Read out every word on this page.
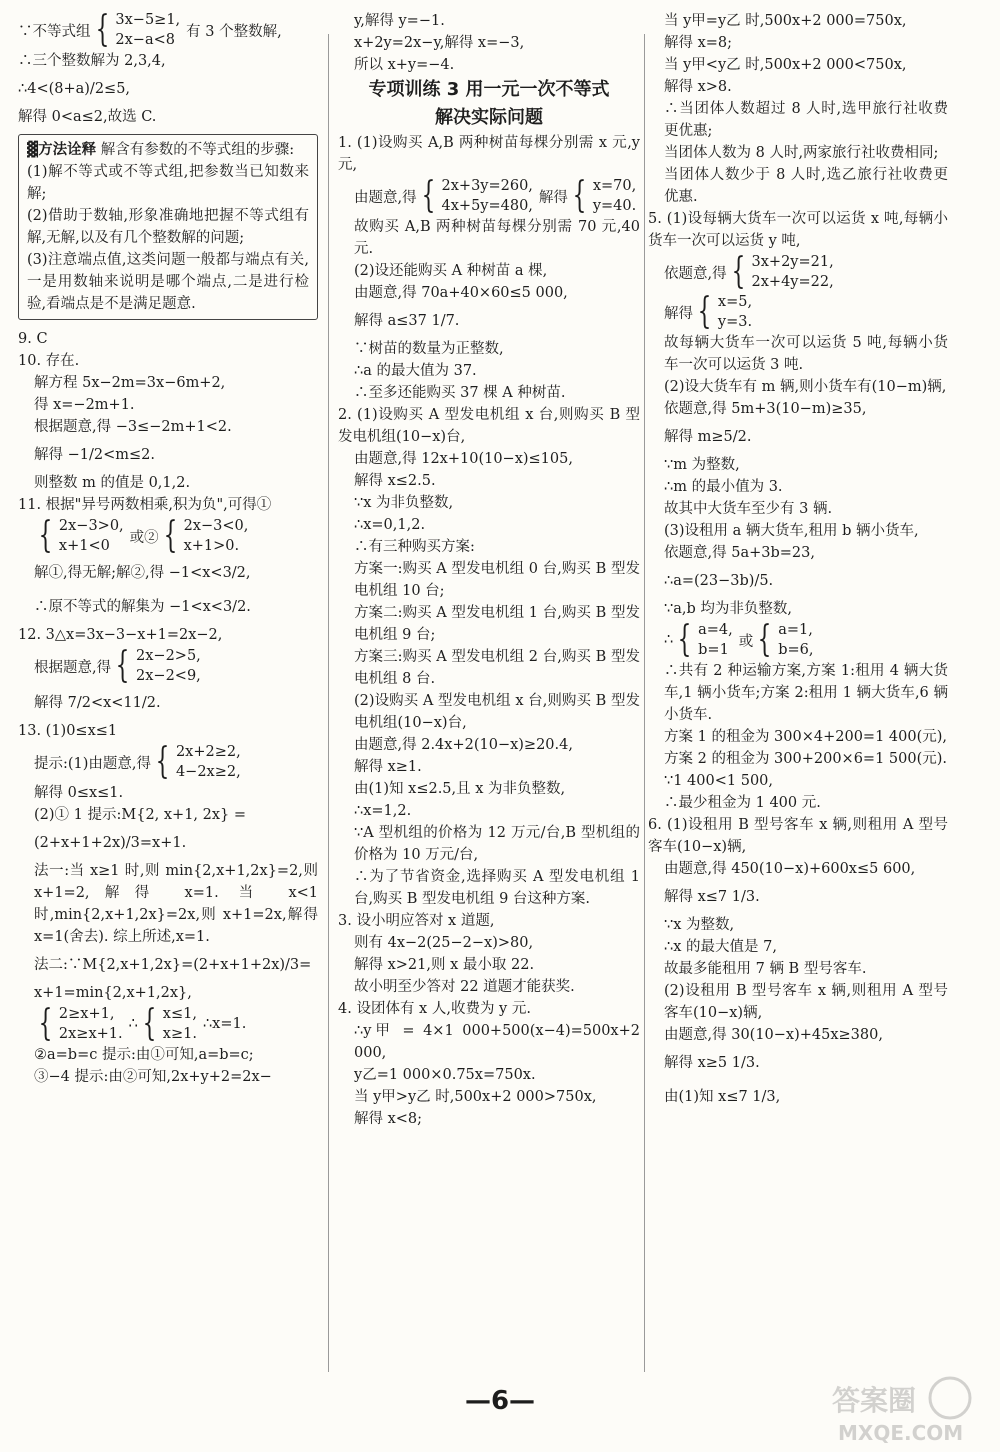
∵不等式组 { 3x−5≥1,
2x−a<8
有 3 个整数解,
∴三个整数解为 2,3,4,
∴4<(8+a)/2≤5,
解得 0<a≤2,故选 C.
▓方法诠释 解含有参数的不等式组的步骤:
(1)解不等式或不等式组,把参数当已知数来解;
(2)借助于数轴,形象准确地把握不等式组有解,无解,以及有几个整数解的问题;
(3)注意端点值,这类问题一般都与端点有关,一是用数轴来说明是哪个端点,二是进行检验,看端点是不是满足题意.
9. C
10. 存在.
解方程 5x−2m=3x−6m+2,
得 x=−2m+1.
根据题意,得 −3≤−2m+1<2.
解得 −1/2<m≤2.
则整数 m 的值是 0,1,2.
11. 根据"异号两数相乘,积为负",可得①
{ 2x−3>0,
x+1<0
或② { 2x−3<0,
x+1>0.
解①,得无解;解②,得 −1<x<3/2,
∴原不等式的解集为 −1<x<3/2.
12. 3△x=3x−3−x+1=2x−2,
根据题意,得 { 2x−2>5,
2x−2<9,
解得 7/2<x<11/2.
13. (1)0≤x≤1
提示:(1)由题意,得 { 2x+2≥2,
4−2x≥2,
解得 0≤x≤1.
(2)① 1 提示:M{2, x+1, 2x} =
(2+x+1+2x)/3=x+1.
法一:当 x≥1 时,则 min{2,x+1,2x}=2,则 x+1=2,解得 x=1. 当 x<1 时,min{2,x+1,2x}=2x,则 x+1=2x,解得 x=1(舍去). 综上所述,x=1.
法二:∵M{2,x+1,2x}=(2+x+1+2x)/3=
x+1=min{2,x+1,2x},
{ 2≥x+1,
2x≥x+1.
∴ { x≤1,
x≥1.
∴x=1.
②a=b=c 提示:由①可知,a=b=c;
③−4 提示:由②可知,2x+y+2=2x−
y,解得 y=−1.
x+2y=2x−y,解得 x=−3,
所以 x+y=−4.
专项训练 3 用一元一次不等式
解决实际问题
1. (1)设购买 A,B 两种树苗每棵分别需 x 元,y 元,
由题意,得 { 2x+3y=260,
4x+5y=480,
解得 { x=70,
y=40.
故购买 A,B 两种树苗每棵分别需 70 元,40 元.
(2)设还能购买 A 种树苗 a 棵,
由题意,得 70a+40×60≤5 000,
解得 a≤37 1/7.
∵树苗的数量为正整数,
∴a 的最大值为 37.
∴至多还能购买 37 棵 A 种树苗.
2. (1)设购买 A 型发电机组 x 台,则购买 B 型发电机组(10−x)台,
由题意,得 12x+10(10−x)≤105,
解得 x≤2.5.
∵x 为非负整数,
∴x=0,1,2.
∴有三种购买方案:
方案一:购买 A 型发电机组 0 台,购买 B 型发电机组 10 台;
方案二:购买 A 型发电机组 1 台,购买 B 型发电机组 9 台;
方案三:购买 A 型发电机组 2 台,购买 B 型发电机组 8 台.
(2)设购买 A 型发电机组 x 台,则购买 B 型发电机组(10−x)台,
由题意,得 2.4x+2(10−x)≥20.4,
解得 x≥1.
由(1)知 x≤2.5,且 x 为非负整数,
∴x=1,2.
∵A 型机组的价格为 12 万元/台,B 型机组的价格为 10 万元/台,
∴为了节省资金,选择购买 A 型发电机组 1 台,购买 B 型发电机组 9 台这种方案.
3. 设小明应答对 x 道题,
则有 4x−2(25−2−x)>80,
解得 x>21,则 x 最小取 22.
故小明至少答对 22 道题才能获奖.
4. 设团体有 x 人,收费为 y 元.
∴y甲 = 4×1 000+500(x−4)=500x+2 000,
y乙=1 000×0.75x=750x.
当 y甲>y乙 时,500x+2 000>750x,
解得 x<8;
当 y甲=y乙 时,500x+2 000=750x,
解得 x=8;
当 y甲<y乙 时,500x+2 000<750x,
解得 x>8.
∴当团体人数超过 8 人时,选甲旅行社收费更优惠;
当团体人数为 8 人时,两家旅行社收费相同;
当团体人数少于 8 人时,选乙旅行社收费更优惠.
5. (1)设每辆大货车一次可以运货 x 吨,每辆小货车一次可以运货 y 吨,
依题意,得 { 3x+2y=21,
2x+4y=22,
解得 { x=5,
y=3.
故每辆大货车一次可以运货 5 吨,每辆小货车一次可以运货 3 吨.
(2)设大货车有 m 辆,则小货车有(10−m)辆,
依题意,得 5m+3(10−m)≥35,
解得 m≥5/2.
∵m 为整数,
∴m 的最小值为 3.
故其中大货车至少有 3 辆.
(3)设租用 a 辆大货车,租用 b 辆小货车,
依题意,得 5a+3b=23,
∴a=(23−3b)/5.
∵a,b 均为非负整数,
∴ { a=4,
b=1
或 { a=1,
b=6,
∴共有 2 种运输方案,方案 1:租用 4 辆大货车,1 辆小货车;方案 2:租用 1 辆大货车,6 辆小货车.
方案 1 的租金为 300×4+200=1 400(元),
方案 2 的租金为 300+200×6=1 500(元).
∵1 400<1 500,
∴最少租金为 1 400 元.
6. (1)设租用 B 型号客车 x 辆,则租用 A 型号客车(10−x)辆,
由题意,得 450(10−x)+600x≤5 600,
解得 x≤7 1/3.
∵x 为整数,
∴x 的最大值是 7,
故最多能租用 7 辆 B 型号客车.
(2)设租用 B 型号客车 x 辆,则租用 A 型号客车(10−x)辆,
由题意,得 30(10−x)+45x≥380,
解得 x≥5 1/3.
由(1)知 x≤7 1/3,
—6—	答案圈
MXQE.COM
